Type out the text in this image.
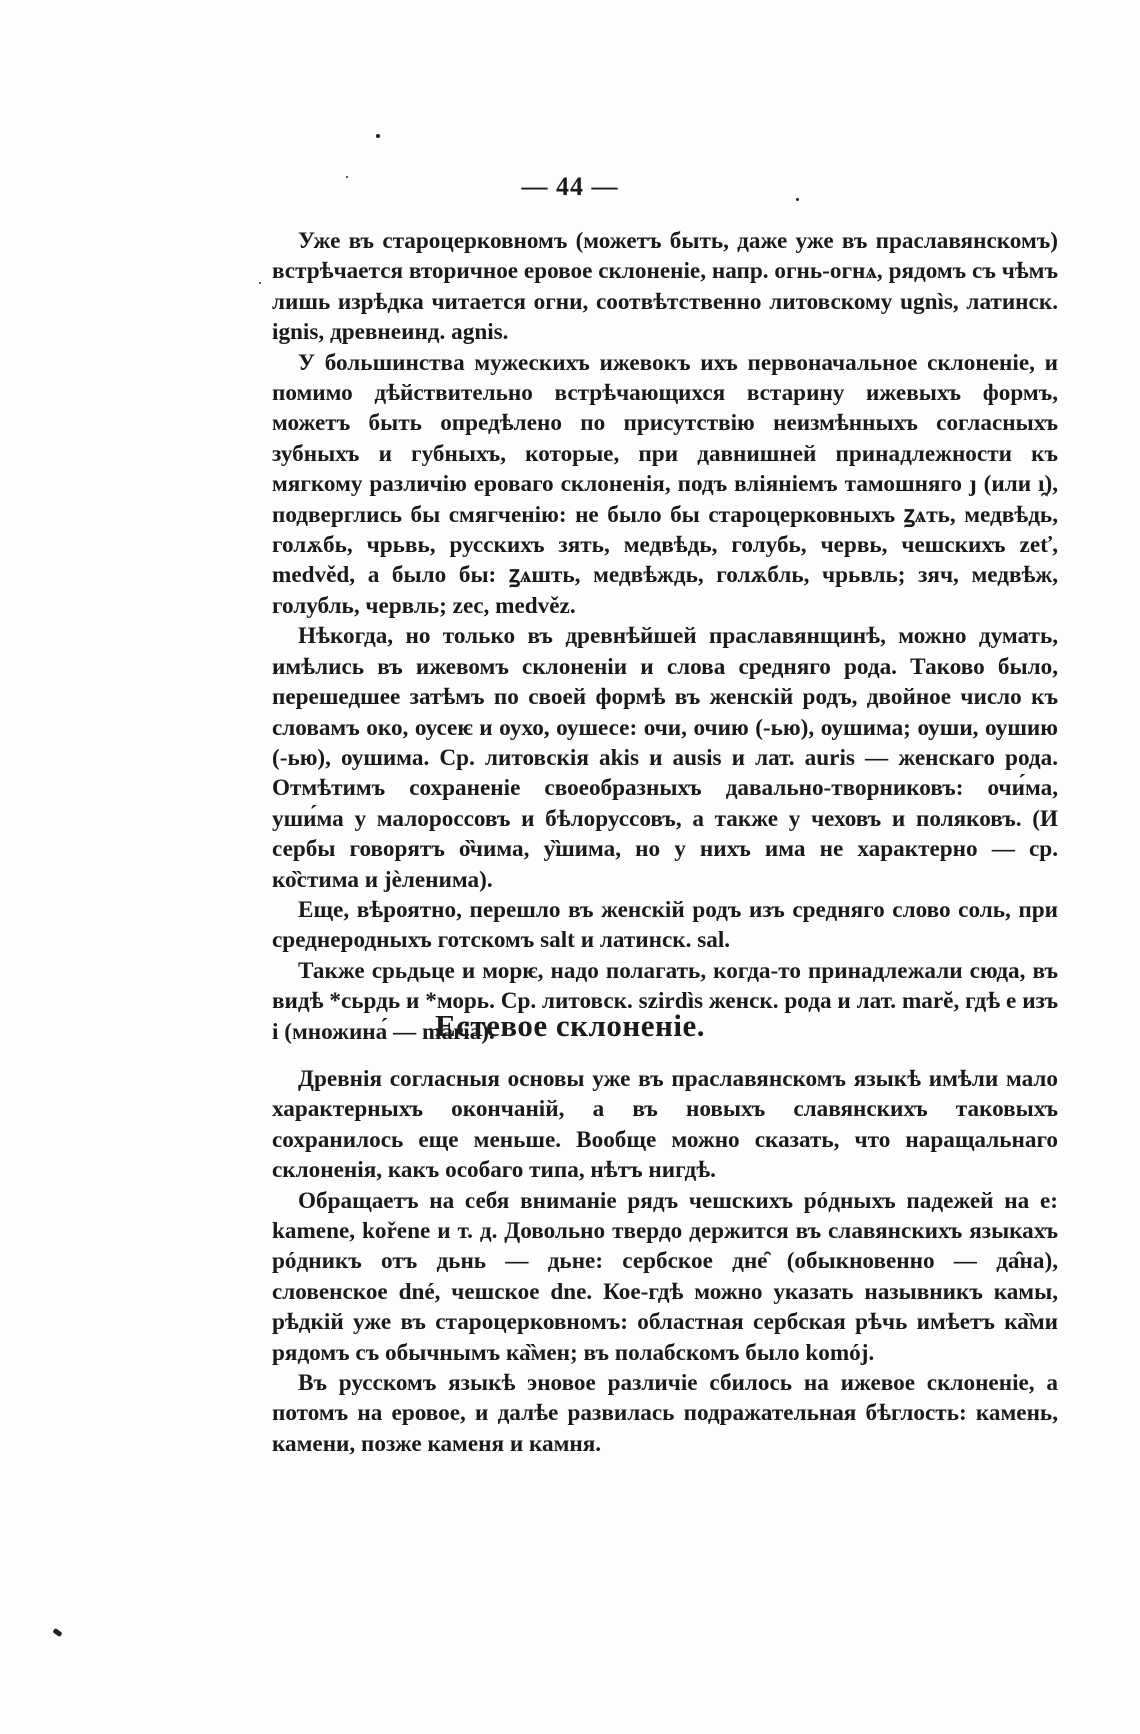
— 44 —

Уже въ староцерковномъ (можетъ быть, даже уже въ праславянскомъ) встрѣчается вторичное еровое склоненіе, напр. огнь-огнѧ, рядомъ съ чѣмъ лишь изрѣдка читается огни, соотвѣтственно литовскому ugnìs, латинск. ignis, древнеинд. agnis.

У большинства мужескихъ ижевокъ ихъ первоначальное склоненіе, и помимо дѣйствительно встрѣчающихся встарину ижевыхъ формъ, можетъ быть опредѣлено по присутствію неизмѣнныхъ согласныхъ зубныхъ и губныхъ, которые, при давнишней принадлежности къ мягкому различію ероваго склоненія, подъ вліяніемъ тамошняго ȷ (или ı̯), подверглись бы смягченію: не было бы староцерковныхъ ꙁѧть, медвѣдь, голѫбь, чрьвь, русскихъ зять, медвѣдь, голубь, червь, чешскихъ zeť, medvěd, а было бы: ꙁѧшть, медвѣждь, голѫбль, чрьвль; зяч, медвѣж, голубль, червль; zec, medvěz.

Нѣкогда, но только въ древнѣйшей праславянщинѣ, можно думать, имѣлись въ ижевомъ склоненіи и слова средняго рода. Таково было, перешедшее затѣмъ по своей формѣ въ женскій родъ, двойное число къ словамъ око, оусеѥ и оухо, оушесе: очи, очию (-ью), оушима; оуши, оушию (-ью), оушима. Ср. литовскія akis и ausis и лат. auris — женскаго рода. Отмѣтимъ сохраненіе своеобразныхъ давально-творниковъ: очи́ма, уши́ма у малороссовъ и бѣлоруссовъ, а также у чеховъ и поляковъ. (И сербы говорятъ о̏чима, у̏шима, но у нихъ има не характерно — ср. ко̏стима и jѐленима).

Еще, вѣроятно, перешло въ женскій родъ изъ средняго слово соль, при среднеродныхъ готскомъ salt и латинск. sal.

Также срьдьце и морѥ, надо полагать, когда-то принадлежали сюда, въ видѣ *сьрдь и *морь. Ср. литовск. szirdìs женск. рода и лат. marĕ, гдѣ e изъ i (множина́ — maria).

Естевое склоненіе.

Древнія согласныя основы уже въ праславянскомъ языкѣ имѣли мало характерныхъ окончаній, а въ новыхъ славянскихъ таковыхъ сохранилось еще меньше. Вообще можно сказать, что наращальнаго склоненія, какъ особаго типа, нѣтъ нигдѣ.

Обращаетъ на себя вниманіе рядъ чешскихъ рóдныхъ падежей на e: kamene, kořene и т. д. Довольно твердо держится въ славянскихъ языкахъ рóдникъ отъ дьнь — дьне: сербское дне̑ (обыкновенно — да̑на), словенское dné, чешское dne. Кое-гдѣ можно указать назывникъ камы, рѣдкій уже въ староцерковномъ: областная сербская рѣчь имѣетъ ка̏ми рядомъ съ обычнымъ ка̏мен; въ полабскомъ было komój.

Въ русскомъ языкѣ эновое различіе сбилось на ижевое склоненіе, а потомъ на еровое, и далѣе развилась подражательная бѣглость: камень, камени, позже каменя и камня.
